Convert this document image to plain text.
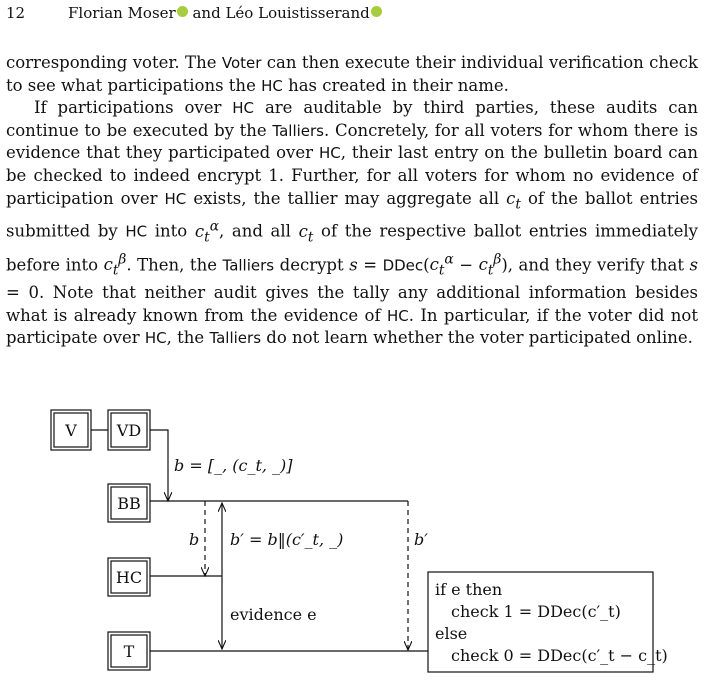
12	Florian Moser and Léo Louistisserand

corresponding voter. The Voter can then execute their individual verification check to see what participations the HC has created in their name.

If participations over HC are auditable by third parties, these audits can continue to be executed by the Talliers. Concretely, for all voters for whom there is evidence that they participated over HC, their last entry on the bulletin board can be checked to indeed encrypt 1. Further, for all voters for whom no evidence of participation over HC exists, the tallier may aggregate all $c_t$ of the ballot entries submitted by HC into $c_t^\alpha$, and all $c_t$ of the respective ballot entries immediately before into $c_t^\beta$. Then, the Talliers decrypt $s = DDec(c_t^\alpha - c_t^\beta)$, and they verify that s = 0. Note that neither audit gives the tally any additional information besides what is already known from the evidence of HC. In particular, if the voter did not participate over HC, the Talliers do not learn whether the voter participated online.

V	VD
BB
HC
T
b = [_, (c_t, _)]
b b′ = b‖(c′_t, _)	b′
evidence e
if e then
check 1 = DDec(c′_t)
else
check 0 = DDec(c′_t − c_t)
